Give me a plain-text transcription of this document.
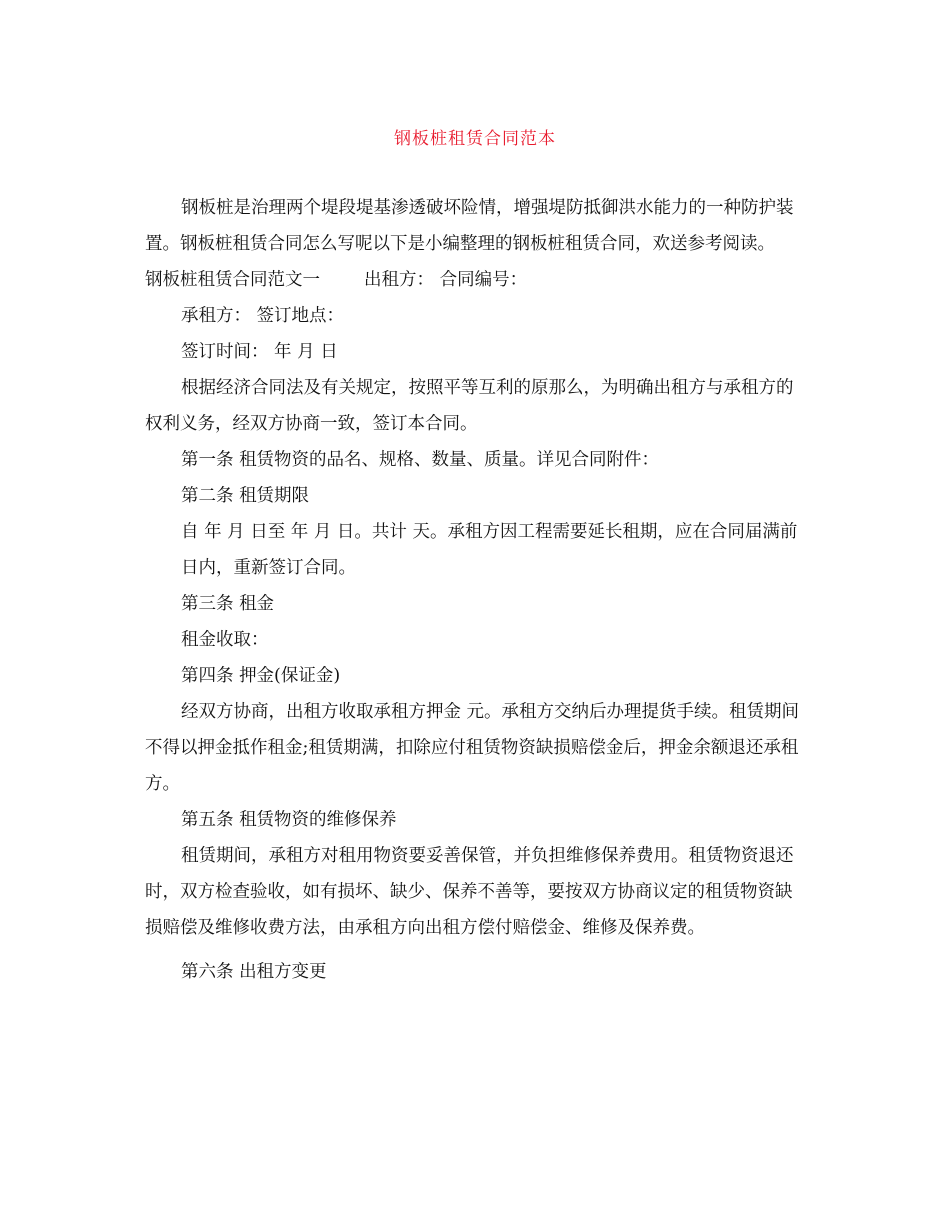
钢板桩租赁合同范本

钢板桩是治理两个堤段堤基渗透破坏险情，增强堤防抵御洪水能力的一种防护装置。钢板桩租赁合同怎么写呢以下是小编整理的钢板桩租赁合同，欢送参考阅读。

钢板桩租赁合同范文一	出租方： 合同编号：

承租方： 签订地点：

签订时间： 年 月 日

根据经济合同法及有关规定，按照平等互利的原那么，为明确出租方与承租方的权利义务，经双方协商一致，签订本合同。

第一条 租赁物资的品名、规格、数量、质量。详见合同附件：

第二条 租赁期限

自 年 月 日至 年 月 日。共计 天。承租方因工程需要延长租期，应在合同届满前

日内，重新签订合同。

第三条 租金

租金收取：

第四条 押金(保证金)

经双方协商，出租方收取承租方押金 元。承租方交纳后办理提货手续。租赁期间不得以押金抵作租金;租赁期满，扣除应付租赁物资缺损赔偿金后，押金余额退还承租方。

第五条 租赁物资的维修保养

租赁期间，承租方对租用物资要妥善保管，并负担维修保养费用。租赁物资退还时，双方检查验收，如有损坏、缺少、保养不善等，要按双方协商议定的租赁物资缺损赔偿及维修收费方法，由承租方向出租方偿付赔偿金、维修及保养费。

第六条 出租方变更
